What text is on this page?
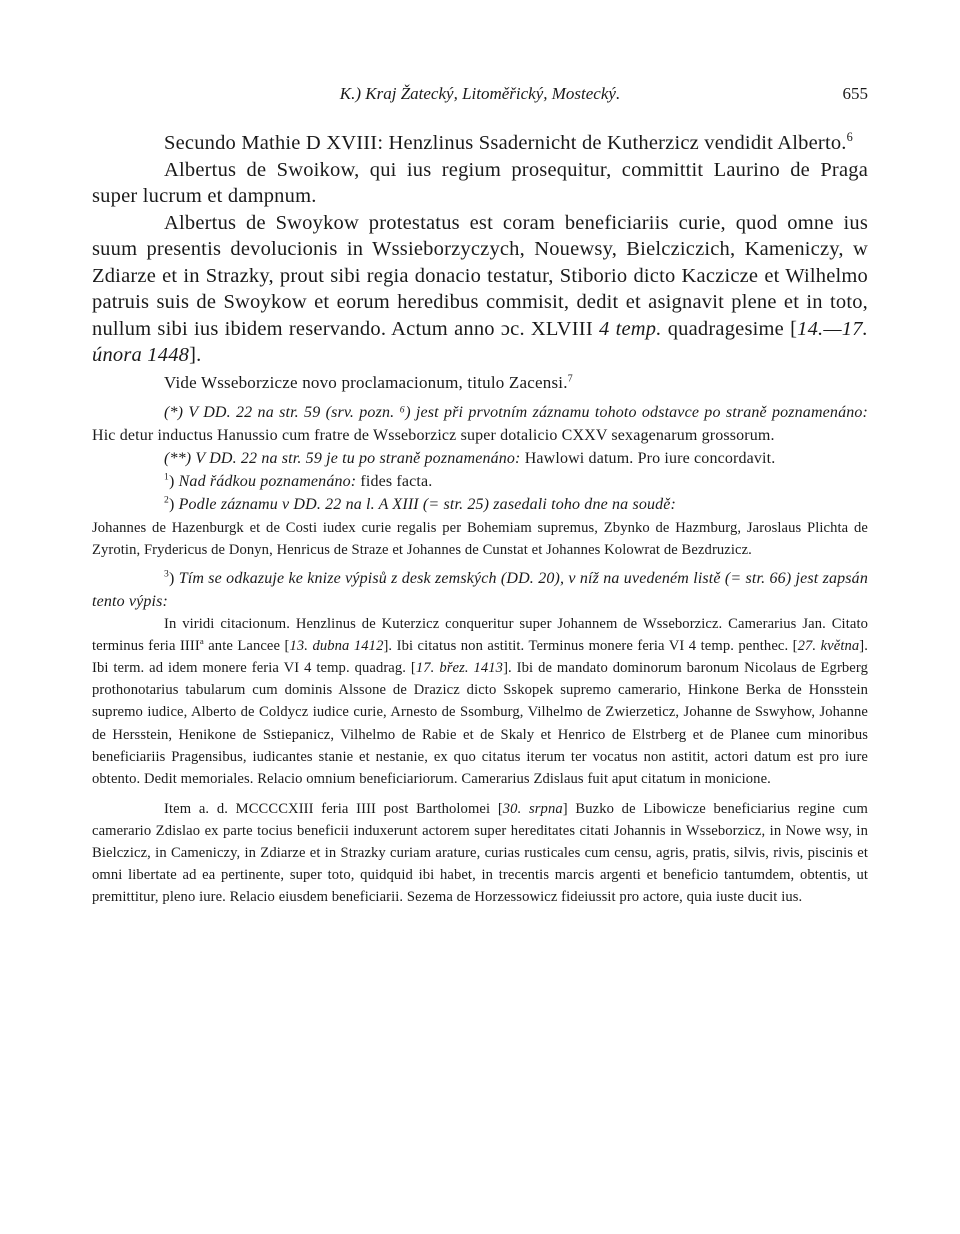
K.) Kraj Žatecký, Litoměřický, Mostecký.	655

Secundo Mathie D XVIII: Henzlinus Ssadernicht de Kutherzicz vendidit Alberto.$^6$

Albertus de Swoikow, qui ius regium prosequitur, committit Laurino de Praga super lucrum et dampnum.

Albertus de Swoykow protestatus est coram beneficiariis curie, quod omne ius suum presentis devolucionis in Wssieborzyczych, Nouewsy, Bielcziczich, Kameniczy, w Zdiarze et in Strazky, prout sibi regia donacio testatur, Stiborio dicto Kaczicze et Wilhelmo patruis suis de Swoykow et eorum heredibus commisit, dedit et asignavit plene et in toto, nullum sibi ius ibidem reservando. Actum anno ɔc. XLVIII 4 temp. quadragesime [14.—17. února 1448].

Vide Wsseborzicze novo proclamacionum, titulo Zacensi.$^7$

(*) V DD. 22 na str. 59 (srv. pozn. ⁶) jest při prvotním záznamu tohoto odstavce po straně poznamenáno: Hic detur inductus Hanussio cum fratre de Wsseborzicz super dotalicio CXXV sexagenarum grossorum.

(**) V DD. 22 na str. 59 je tu po straně poznamenáno: Hawlowi datum. Pro iure concordavit.

$^1$) Nad řádkou poznamenáno: fides facta.

$^2$) Podle záznamu v DD. 22 na l. A XIII (= str. 25) zasedali toho dne na soudě:

Johannes de Hazenburgk et de Costi iudex curie regalis per Bohemiam supremus, Zbynko de Hazmburg, Jaroslaus Plichta de Zyrotin, Frydericus de Donyn, Henricus de Straze et Johannes de Cunstat et Johannes Kolowrat de Bezdruzicz.

$^3$) Tím se odkazuje ke knize výpisů z desk zemských (DD. 20), v níž na uvedeném listě (= str. 66) jest zapsán tento výpis:

In viridi citacionum. Henzlinus de Kuterzicz conqueritur super Johannem de Wsseborzicz. Camerarius Jan. Citato terminus feria IIII$^a$ ante Lancee [13. dubna 1412]. Ibi citatus non astitit. Terminus monere feria VI 4 temp. penthec. [27. května]. Ibi term. ad idem monere feria VI 4 temp. quadrag. [17. břez. 1413]. Ibi de mandato dominorum baronum Nicolaus de Egrberg prothonotarius tabularum cum dominis Alssone de Drazicz dicto Sskopek supremo camerario, Hinkone Berka de Honsstein supremo iudice, Alberto de Coldycz iudice curie, Arnesto de Ssomburg, Vilhelmo de Zwierzeticz, Johanne de Sswyhow, Johanne de Hersstein, Henikone de Sstiepanicz, Vilhelmo de Rabie et de Skaly et Henrico de Elstrberg et de Planee cum minoribus beneficiariis Pragensibus, iudicantes stanie et nestanie, ex quo citatus iterum ter vocatus non astitit, actori datum est pro iure obtento. Dedit memoriales. Relacio omnium beneficiariorum. Camerarius Zdislaus fuit aput citatum in monicione.

Item a. d. MCCCCXIII feria IIII post Bartholomei [30. srpna] Buzko de Libowicze beneficiarius regine cum camerario Zdislao ex parte tocius beneficii induxerunt actorem super hereditates citati Johannis in Wsseborzicz, in Nowe wsy, in Bielczicz, in Cameniczy, in Zdiarze et in Strazky curiam arature, curias rusticales cum censu, agris, pratis, silvis, rivis, piscinis et omni libertate ad ea pertinente, super toto, quidquid ibi habet, in trecentis marcis argenti et beneficio tantumdem, obtentis, ut premittitur, pleno iure. Relacio eiusdem beneficiarii. Sezema de Horzessowicz fideiussit pro actore, quia iuste ducit ius.
